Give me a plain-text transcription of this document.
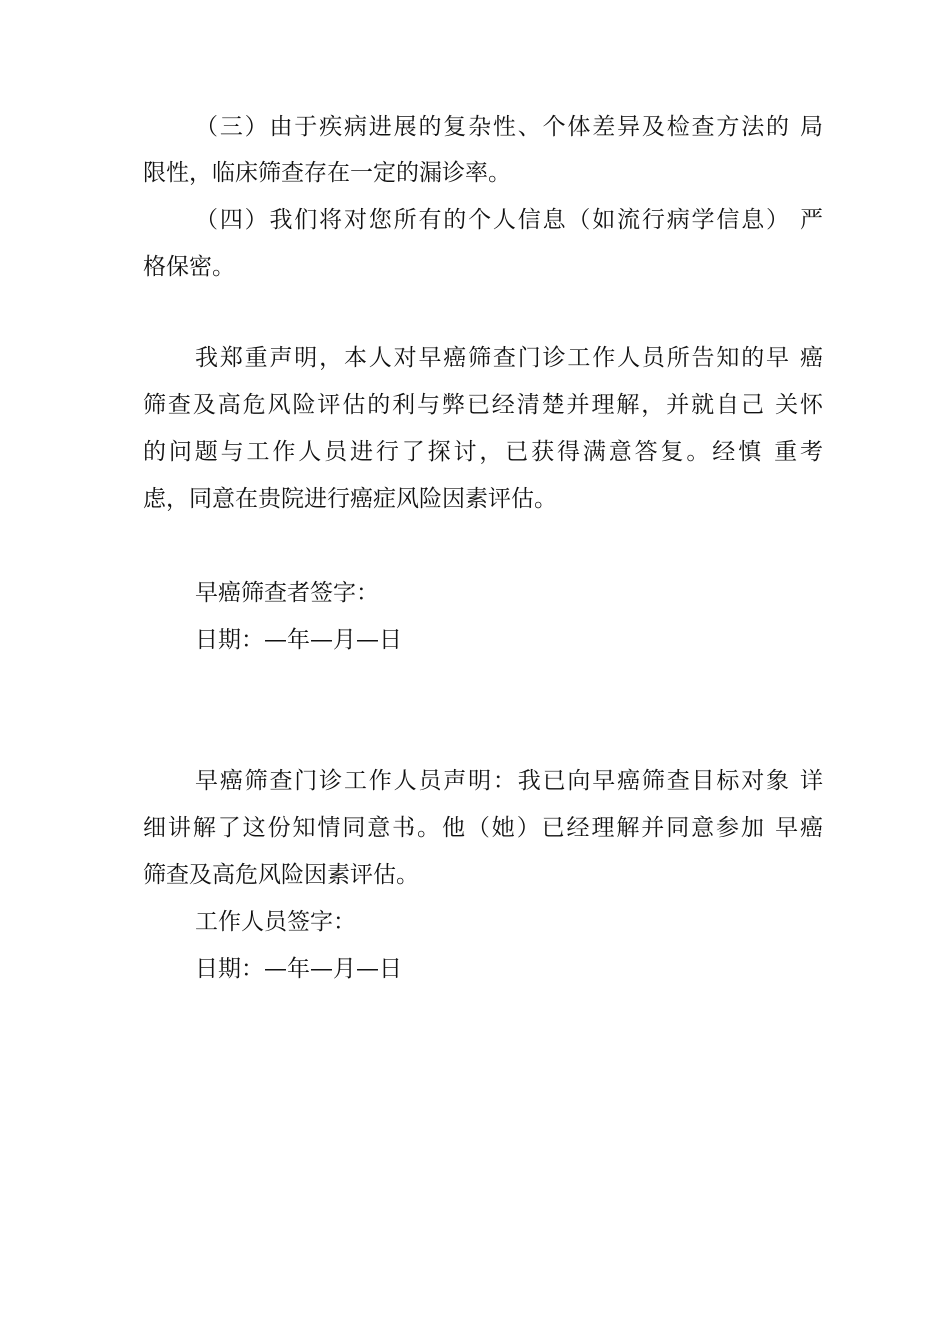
（三）由于疾病进展的复杂性、个体差异及检查方法的 局
限性，临床筛查存在一定的漏诊率。
（四）我们将对您所有的个人信息（如流行病学信息） 严
格保密。
我郑重声明，本人对早癌筛查门诊工作人员所告知的早 癌
筛查及高危风险评估的利与弊已经清楚并理解，并就自己 关怀
的问题与工作人员进行了探讨，已获得满意答复。经慎 重考
虑，同意在贵院进行癌症风险因素评估。
早癌筛查者签字：
日期：—年—月—日
早癌筛查门诊工作人员声明：我已向早癌筛查目标对象 详
细讲解了这份知情同意书。他（她）已经理解并同意参加 早癌
筛查及高危风险因素评估。
工作人员签字：
日期：—年—月—日
